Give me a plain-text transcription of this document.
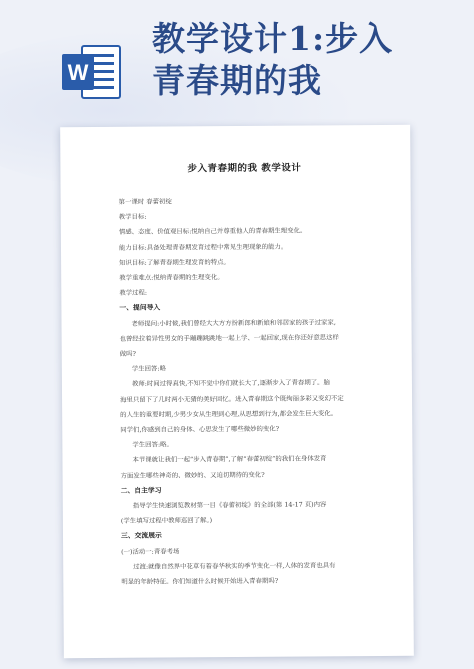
W
教学设计1:步入
青春期的我
步入青春期的我 教学设计
第一课时 春蕾初绽
教学目标:
情感、态度、价值观目标:悦纳自己并尊重他人的青春期生理变化。
能力目标:具备处理青春期发育过程中常见生理现象的能力。
知识目标:了解青春期生理发育的特点。
教学重难点:悦纳青春期的生理变化。
教学过程:
一、提问导入
老师提问:小时候,我们曾经大大方方扮新郎和新娘和邻居家的孩子过家家,
也曾经拉着异性男女的手蹦蹦跳跳地一起上学、一起回家,现在你还好意思这样
做吗?
学生回答:略
教师:时间过得真快,不知不觉中你们就长大了,逐渐步入了青春期了。脑
海里只留下了几时两小无猜的美好回忆。进入青春期这个既绚丽多彩又变幻不定
的人生的重要时期,少男少女从生理到心理,从思想到行为,都会发生巨大变化。
同学们,你感到自己的身体、心思发生了哪些微妙的变化?
学生回答:略。
本节课就让我们一起“步入青春期”,了解“春蕾初绽”的我们在身体发育
方面发生哪些神奇的、微妙的、又迫切期待的变化?
二、自主学习
指导学生快速浏览教材第一目《春蕾初绽》的全部(第 14-17 页)内容
(学生填写过程中教师巡回了解。)
三、交流展示
(一)活动一:青春考场
过渡:就像自然界中花草有着春华秋实的季节变化一样,人体的发育也具有
明显的年龄特征。你们知道什么时候开始进入青春期吗?
